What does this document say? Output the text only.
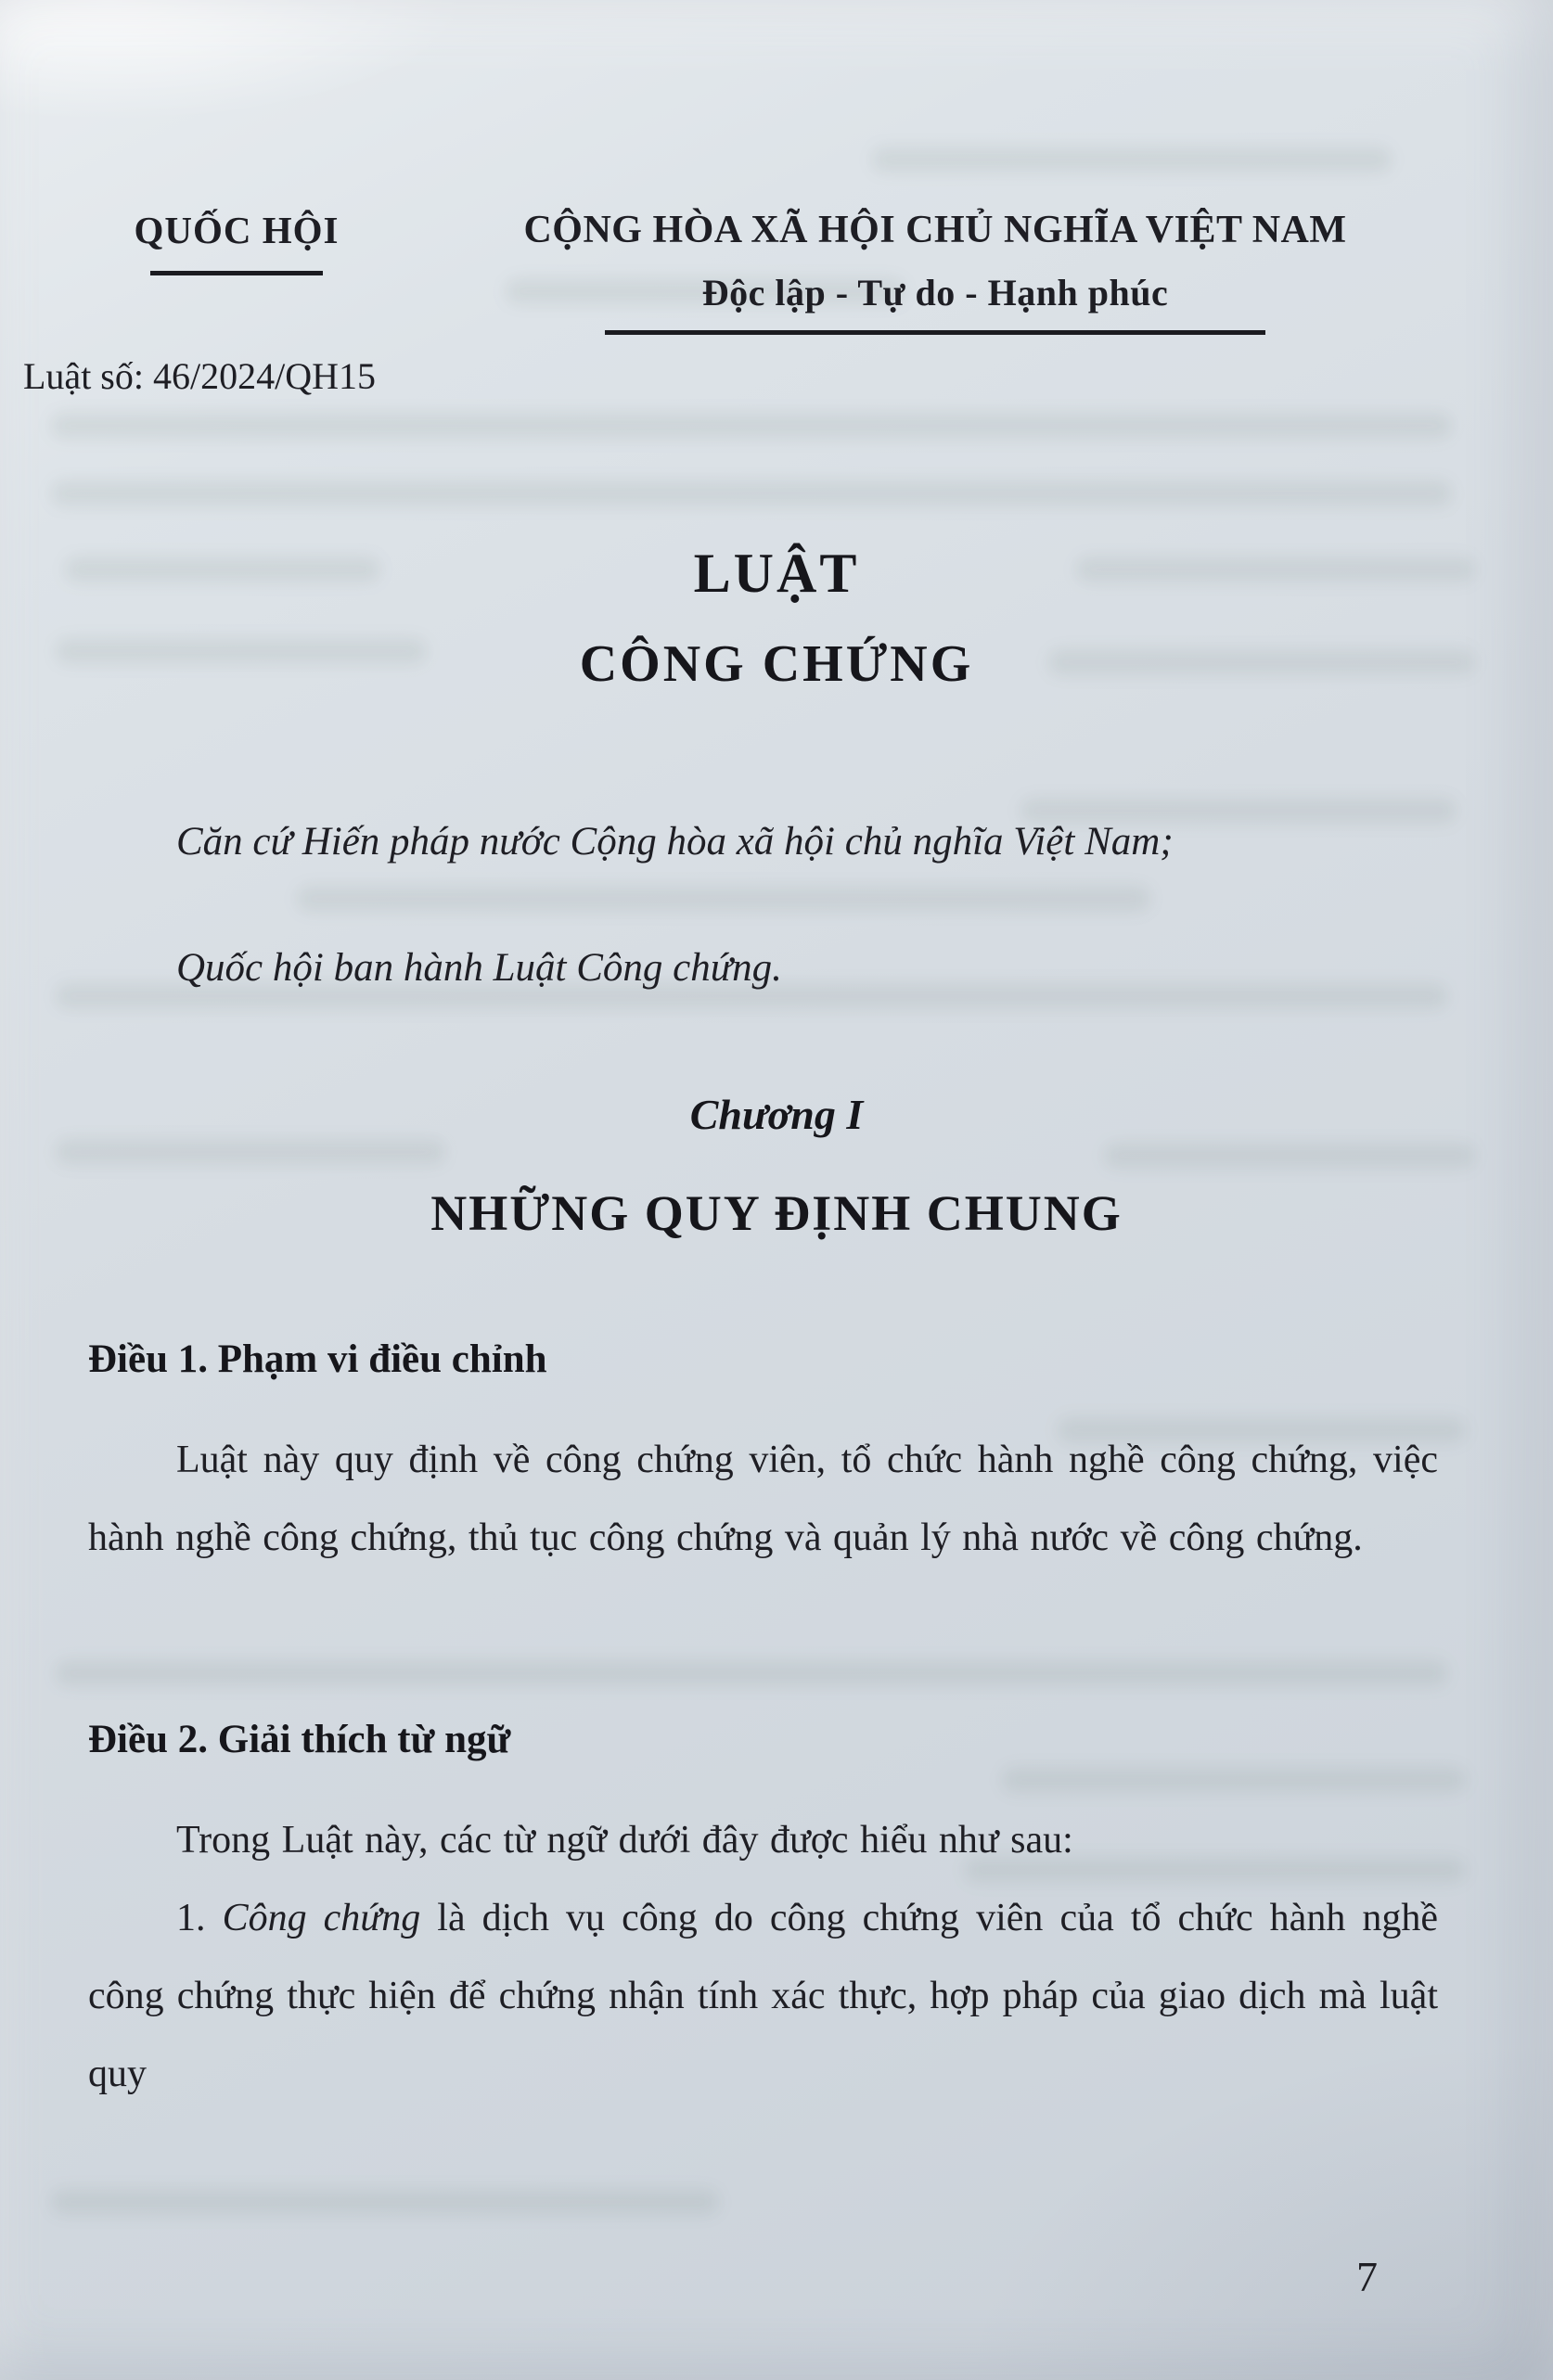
QUỐC HỘI	CỘNG HÒA XÃ HỘI CHỦ NGHĨA VIỆT NAM
Độc lập - Tự do - Hạnh phúc
Luật số: 46/2024/QH15
LUẬT
CÔNG CHỨNG

Căn cứ Hiến pháp nước Cộng hòa xã hội chủ nghĩa Việt Nam;

Quốc hội ban hành Luật Công chứng.

Chương I
NHỮNG QUY ĐỊNH CHUNG
Điều 1. Phạm vi điều chỉnh

Luật này quy định về công chứng viên, tổ chức hành nghề công chứng, việc hành nghề công chứng, thủ tục công chứng và quản lý nhà nước về công chứng.

Điều 2. Giải thích từ ngữ

Trong Luật này, các từ ngữ dưới đây được hiểu như sau:

1. Công chứng là dịch vụ công do công chứng viên của tổ chức hành nghề công chứng thực hiện để chứng nhận tính xác thực, hợp pháp của giao dịch mà luật quy

7
